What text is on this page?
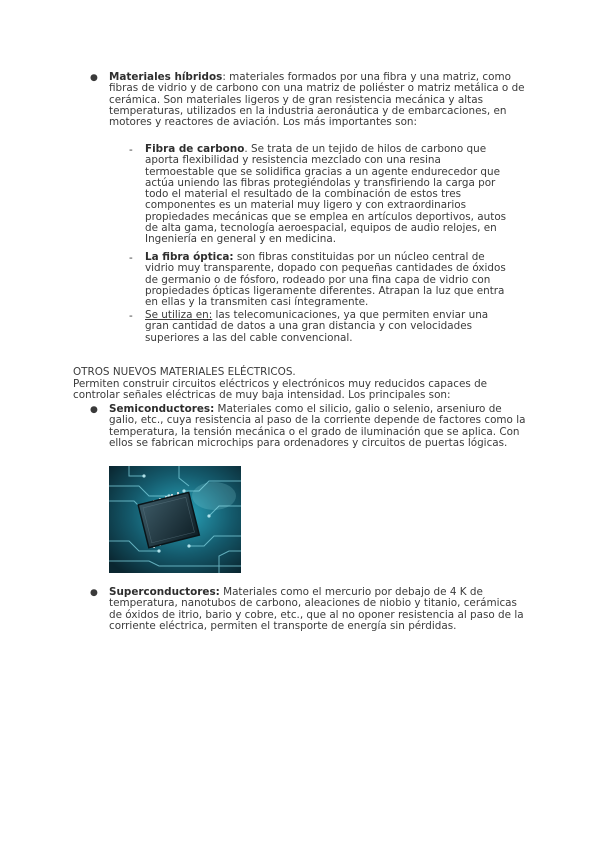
● Materiales híbridos: materiales formados por una fibra y una matriz, como fibras de vidrio y de carbono con una matriz de poliéster o matriz metálica o de cerámica. Son materiales ligeros y de gran resistencia mecánica y altas temperaturas, utilizados en la industria aeronáutica y de embarcaciones, en motores y reactores de aviación. Los más importantes son:

-	Fibra de carbono. Se trata de un tejido de hilos de carbono que aporta flexibilidad y resistencia mezclado con una resina termoestable que se solidifica gracias a un agente endurecedor que actúa uniendo las fibras protegiéndolas y transfiriendo la carga por todo el material el resultado de la combinación de estos tres componentes es un material muy ligero y con extraordinarios propiedades mecánicas que se emplea en artículos deportivos, autos de alta gama, tecnología aeroespacial, equipos de audio relojes, en Ingeniería en general y en medicina.

-	La fibra óptica: son fibras constituidas por un núcleo central de vidrio muy transparente, dopado con pequeñas cantidades de óxidos de germanio o de fósforo, rodeado por una fina capa de vidrio con propiedades ópticas ligeramente diferentes. Atrapan la luz que entra en ellas y la transmiten casi íntegramente.

-	Se utiliza en: las telecomunicaciones, ya que permiten enviar una gran cantidad de datos a una gran distancia y con velocidades superiores a las del cable convencional.

OTROS NUEVOS MATERIALES ELÉCTRICOS.

Permiten construir circuitos eléctricos y electrónicos muy reducidos capaces de controlar señales eléctricas de muy baja intensidad. Los principales son:

● Semiconductores: Materiales como el silicio, galio o selenio, arseniuro de galio, etc., cuya resistencia al paso de la corriente depende de factores como la temperatura, la tensión mecánica o el grado de iluminación que se aplica. Con ellos se fabrican microchips para ordenadores y circuitos de puertas lógicas.

● Superconductores: Materiales como el mercurio por debajo de 4 K de temperatura, nanotubos de carbono, aleaciones de niobio y titanio, cerámicas de óxidos de itrio, bario y cobre, etc., que al no oponer resistencia al paso de la corriente eléctrica, permiten el transporte de energía sin pérdidas.
